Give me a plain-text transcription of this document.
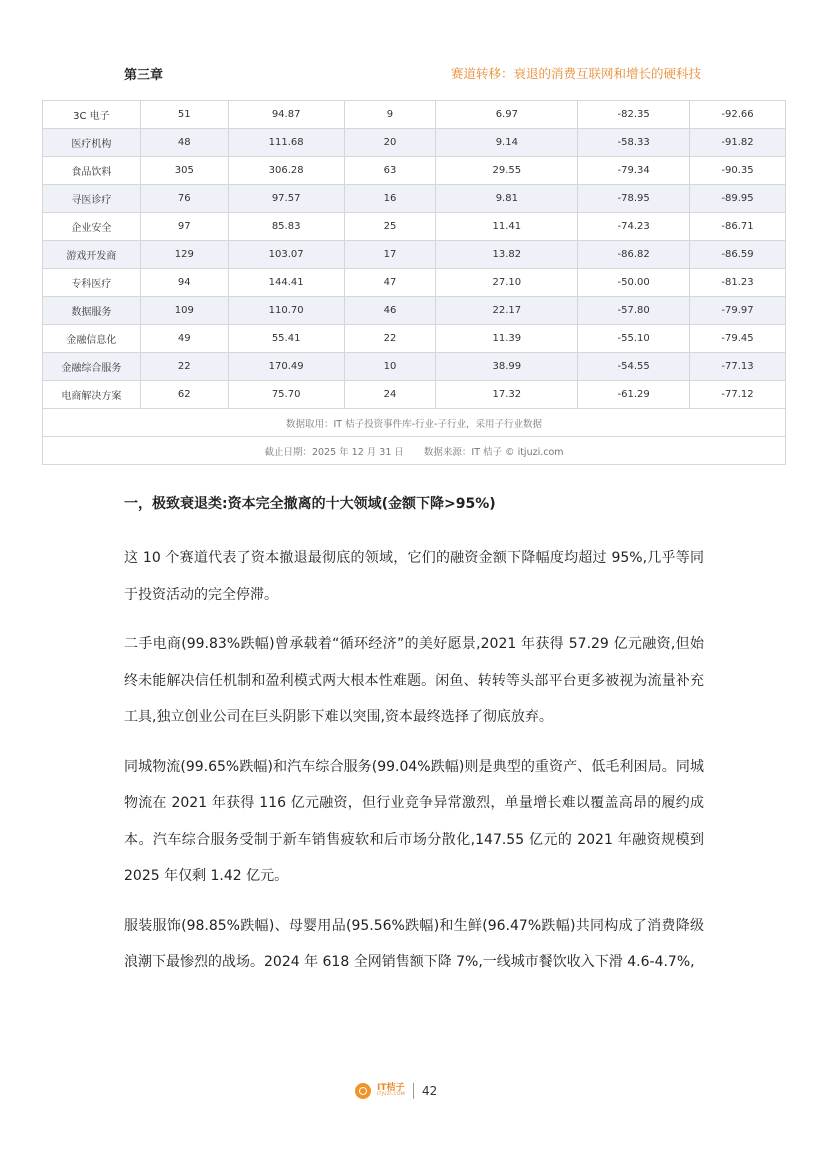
第三章	赛道转移：衰退的消费互联网和增长的硬科技
3C 电子	51	94.87	9	6.97	-82.35	-92.66
医疗机构	48	111.68	20	9.14	-58.33	-91.82
食品饮料	305	306.28	63	29.55	-79.34	-90.35
寻医诊疗	76	97.57	16	9.81	-78.95	-89.95
企业安全	97	85.83	25	11.41	-74.23	-86.71
游戏开发商	129	103.07	17	13.82	-86.82	-86.59
专科医疗	94	144.41	47	27.10	-50.00	-81.23
数据服务	109	110.70	46	22.17	-57.80	-79.97
金融信息化	49	55.41	22	11.39	-55.10	-79.45
金融综合服务	22	170.49	10	38.99	-54.55	-77.13
电商解决方案	62	75.70	24	17.32	-61.29	-77.12
数据取用：IT 桔子投资事件库-行业-子行业，采用子行业数据						
截止日期：2025 年 12 月 31 日 数据来源：IT 桔子 © itjuzi.com						
一，极致衰退类:资本完全撤离的十大领域(金额下降>95%)

这 10 个赛道代表了资本撤退最彻底的领域，它们的融资金额下降幅度均超过 95%,几乎等同于投资活动的完全停滞。

二手电商(99.83%跌幅)曾承载着“循环经济”的美好愿景,2021 年获得 57.29 亿元融资,但始终未能解决信任机制和盈利模式两大根本性难题。闲鱼、转转等头部平台更多被视为流量补充工具,独立创业公司在巨头阴影下难以突围,资本最终选择了彻底放弃。

同城物流(99.65%跌幅)和汽车综合服务(99.04%跌幅)则是典型的重资产、低毛利困局。同城物流在 2021 年获得 116 亿元融资，但行业竞争异常激烈，单量增长难以覆盖高昂的履约成本。汽车综合服务受制于新车销售疲软和后市场分散化,147.55 亿元的 2021 年融资规模到 2025 年仅剩 1.42 亿元。

服装服饰(98.85%跌幅)、母婴用品(95.56%跌幅)和生鲜(96.47%跌幅)共同构成了消费降级浪潮下最惨烈的战场。2024 年 618 全网销售额下降 7%,一线城市餐饮收入下滑 4.6-4.7%,

IT桔子
ITJUZI.COM 42
